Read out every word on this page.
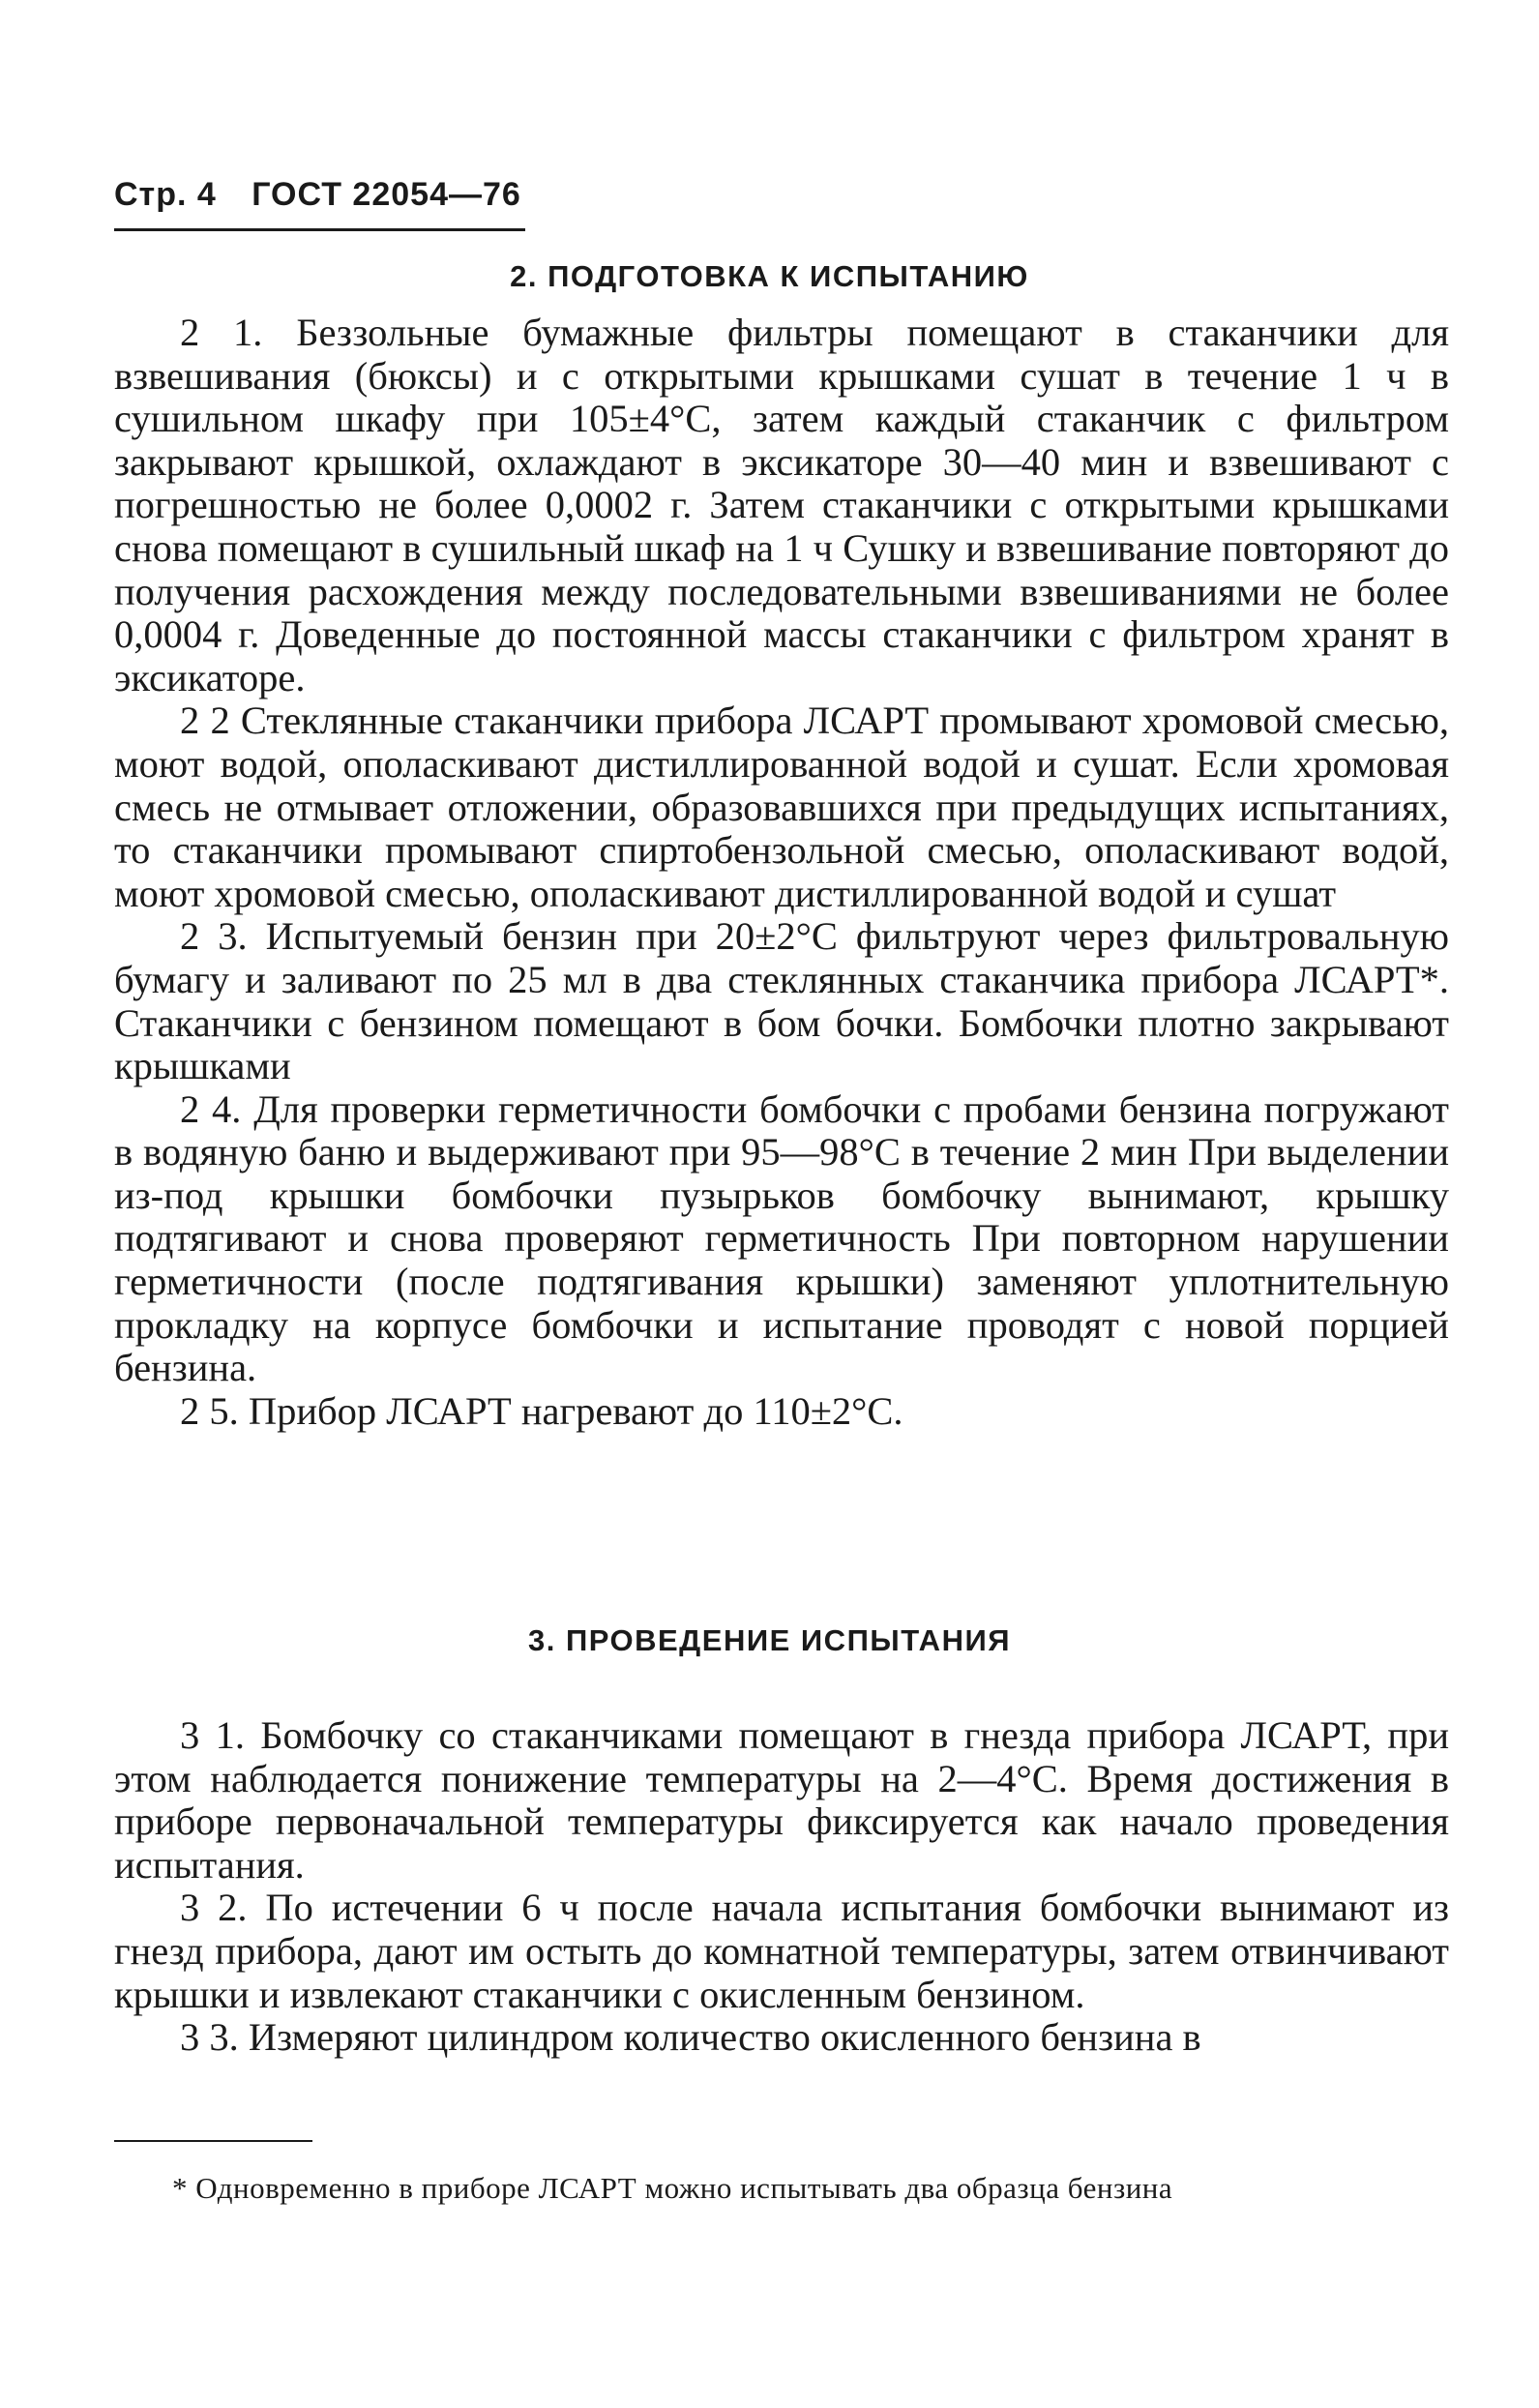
Стр. 4 ГОСТ 22054—76
2. ПОДГОТОВКА К ИСПЫТАНИЮ

2 1. Беззольные бумажные фильтры помещают в стаканчики для взвешивания (бюксы) и с открытыми крышками сушат в течение 1 ч в сушильном шкафу при 105±4°С, затем каждый стаканчик с фильтром закрывают крышкой, охлаждают в эксикаторе 30—40 мин и взвешивают с погрешностью не более 0,0002 г. Затем стаканчики с открытыми крышками снова помещают в сушильный шкаф на 1 ч Сушку и взвешивание повторяют до получения расхождения между последовательными взвешиваниями не более 0,0004 г. Доведенные до постоянной массы стаканчики с фильтром хранят в эксикаторе.

2 2 Стеклянные стаканчики прибора ЛСАРТ промывают хромовой смесью, моют водой, ополаскивают дистиллированной водой и сушат. Если хромовая смесь не отмывает отложении, образовавшихся при предыдущих испытаниях, то стаканчики промывают спиртобензольной смесью, ополаскивают водой, моют хромовой смесью, ополаскивают дистиллированной водой и сушат

2 3. Испытуемый бензин при 20±2°С фильтруют через фильтровальную бумагу и заливают по 25 мл в два стеклянных стаканчика прибора ЛСАРТ*. Стаканчики с бензином помещают в бом бочки. Бомбочки плотно закрывают крышками

2 4. Для проверки герметичности бомбочки с пробами бензина погружают в водяную баню и выдерживают при 95—98°С в течение 2 мин При выделении из-под крышки бомбочки пузырьков бомбочку вынимают, крышку подтягивают и снова проверяют герметичность При повторном нарушении герметичности (после подтягивания крышки) заменяют уплотнительную прокладку на корпусе бомбочки и испытание проводят с новой порцией бензина.

2 5. Прибор ЛСАРТ нагревают до 110±2°С.

3. ПРОВЕДЕНИЕ ИСПЫТАНИЯ

3 1. Бомбочку со стаканчиками помещают в гнезда прибора ЛСАРТ, при этом наблюдается понижение температуры на 2—4°С. Время достижения в приборе первоначальной температуры фиксируется как начало проведения испытания.

3 2. По истечении 6 ч после начала испытания бомбочки вынимают из гнезд прибора, дают им остыть до комнатной температуры, затем отвинчивают крышки и извлекают стаканчики с окисленным бензином.

3 3. Измеряют цилиндром количество окисленного бензина в

* Одновременно в приборе ЛСАРТ можно испытывать два образца бензина
